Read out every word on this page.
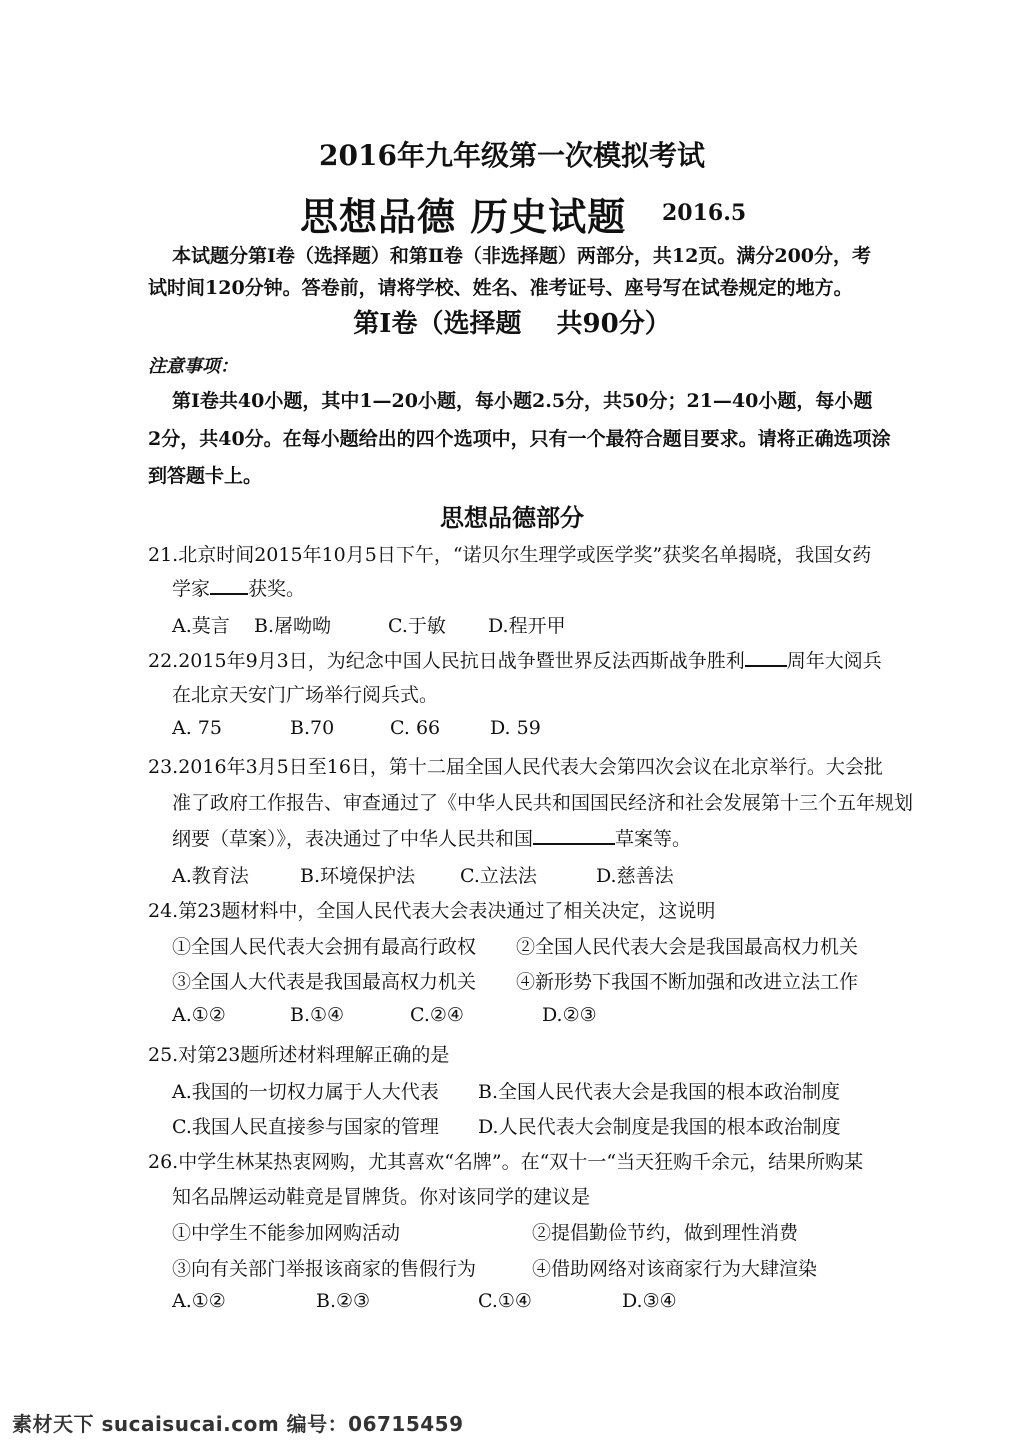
2016年九年级第一次模拟考试
思想品德 历史试题 2016.5
本试题分第Ⅰ卷（选择题）和第Ⅱ卷（非选择题）两部分，共12页。满分200分，考
试时间120分钟。答卷前，请将学校、姓名、准考证号、座号写在试卷规定的地方。
第Ⅰ卷（选择题　 共90分）
注意事项：
第Ⅰ卷共40小题，其中1—20小题，每小题2.5分，共50分；21—40小题，每小题
2分，共40分。在每小题给出的四个选项中，只有一个最符合题目要求。请将正确选项涂
到答题卡上。
思想品德部分
21.北京时间2015年10月5日下午，“诺贝尔生理学或医学奖”获奖名单揭晓，我国女药
学家 获奖。
A.莫言 B.屠呦呦	C.于敏 D.程开甲
22.2015年9月3日，为纪念中国人民抗日战争暨世界反法西斯战争胜利 周年大阅兵
在北京天安门广场举行阅兵式。
A. 75	B.70	C. 66	D. 59
23.2016年3月5日至16日，第十二届全国人民代表大会第四次会议在北京举行。大会批
准了政府工作报告、审查通过了《中华人民共和国国民经济和社会发展第十三个五年规划
纲要（草案）》，表决通过了中华人民共和国	草案等。
A.教育法	B.环境保护法 C.立法法	D.慈善法
24.第23题材料中，全国人民代表大会表决通过了相关决定，这说明
①全国人民代表大会拥有最高行政权 ②全国人民代表大会是我国最高权力机关
③全国人大代表是我国最高权力机关 ④新形势下我国不断加强和改进立法工作
A.①②	B.①④	C.②④	D.②③
25.对第23题所述材料理解正确的是
A.我国的一切权力属于人大代表 B.全国人民代表大会是我国的根本政治制度
C.我国人民直接参与国家的管理 D.人民代表大会制度是我国的根本政治制度
26.中学生林某热衷网购，尤其喜欢“名牌”。在“双十一“当天狂购千余元，结果所购某
知名品牌运动鞋竟是冒牌货。你对该同学的建议是
①中学生不能参加网购活动	②提倡勤俭节约，做到理性消费
③向有关部门举报该商家的售假行为	④借助网络对该商家行为大肆渲染
A.①②	B.②③	C.①④	D.③④
素材天下 sucaisucai.com 编号：06715459
